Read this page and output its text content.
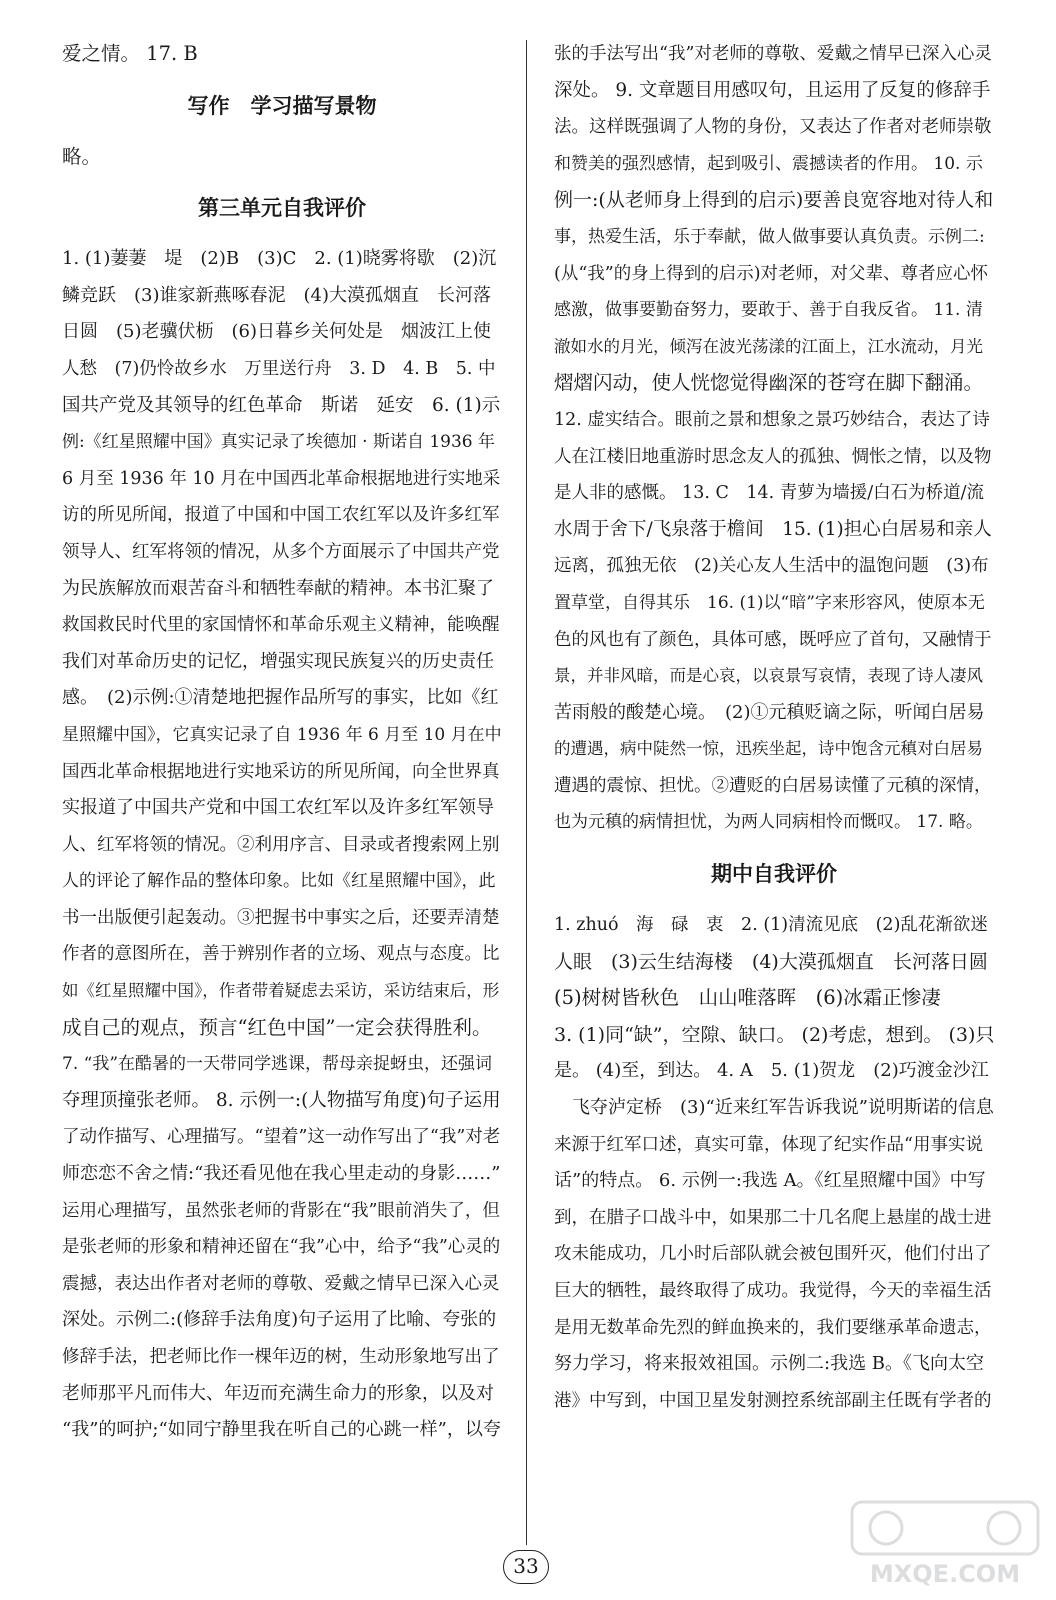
爱之情。 17. B
写作　学习描写景物
略。
第三单元自我评价
1. (1)萋萋　堤　(2)B　(3)C　2. (1)晓雾将歇　(2)沉
鳞竞跃　(3)谁家新燕啄春泥　(4)大漠孤烟直　长河落
日圆　(5)老骥伏枥　(6)日暮乡关何处是　烟波江上使
人愁　(7)仍怜故乡水　万里送行舟　3. D　4. B　5. 中
国共产党及其领导的红色革命　斯诺　延安　6. (1)示
例:《红星照耀中国》真实记录了埃德加 · 斯诺自 1936 年
6 月至 1936 年 10 月在中国西北革命根据地进行实地采
访的所见所闻，报道了中国和中国工农红军以及许多红军
领导人、红军将领的情况，从多个方面展示了中国共产党
为民族解放而艰苦奋斗和牺牲奉献的精神。本书汇聚了
救国救民时代里的家国情怀和革命乐观主义精神，能唤醒
我们对革命历史的记忆，增强实现民族复兴的历史责任
感。　(2)示例:①清楚地把握作品所写的事实，比如《红
星照耀中国》，它真实记录了自 1936 年 6 月至 10 月在中
国西北革命根据地进行实地采访的所见所闻，向全世界真
实报道了中国共产党和中国工农红军以及许多红军领导
人、红军将领的情况。②利用序言、目录或者搜索网上别
人的评论了解作品的整体印象。比如《红星照耀中国》，此
书一出版便引起轰动。③把握书中事实之后，还要弄清楚
作者的意图所在，善于辨别作者的立场、观点与态度。比
如《红星照耀中国》，作者带着疑虑去采访，采访结束后，形
成自己的观点，预言“红色中国”一定会获得胜利。
7. “我”在酷暑的一天带同学逃课，帮母亲捉蚜虫，还强词
夺理顶撞张老师。 8. 示例一:(人物描写角度)句子运用
了动作描写、心理描写。“望着”这一动作写出了“我”对老
师恋恋不舍之情:“我还看见他在我心里走动的身影……”
运用心理描写，虽然张老师的背影在“我”眼前消失了，但
是张老师的形象和精神还留在“我”心中，给予“我”心灵的
震撼，表达出作者对老师的尊敬、爱戴之情早已深入心灵
深处。示例二:(修辞手法角度)句子运用了比喻、夸张的
修辞手法，把老师比作一棵年迈的树，生动形象地写出了
老师那平凡而伟大、年迈而充满生命力的形象，以及对
“我”的呵护;“如同宁静里我在听自己的心跳一样”，以夸
张的手法写出“我”对老师的尊敬、爱戴之情早已深入心灵
深处。 9. 文章题目用感叹句，且运用了反复的修辞手
法。这样既强调了人物的身份，又表达了作者对老师崇敬
和赞美的强烈感情，起到吸引、震撼读者的作用。 10. 示
例一:(从老师身上得到的启示)要善良宽容地对待人和
事，热爱生活，乐于奉献，做人做事要认真负责。示例二:
(从“我”的身上得到的启示)对老师，对父辈、尊者应心怀
感激，做事要勤奋努力，要敢于、善于自我反省。 11. 清
澈如水的月光，倾泻在波光荡漾的江面上，江水流动，月光
熠熠闪动，使人恍惚觉得幽深的苍穹在脚下翻涌。
12. 虚实结合。眼前之景和想象之景巧妙结合，表达了诗
人在江楼旧地重游时思念友人的孤独、惆怅之情，以及物
是人非的感慨。 13. C　14. 青萝为墙援/白石为桥道/流
水周于舍下/飞泉落于檐间　15. (1)担心白居易和亲人
远离，孤独无依　(2)关心友人生活中的温饱问题　(3)布
置草堂，自得其乐　16. (1)以“暗”字来形容风，使原本无
色的风也有了颜色，具体可感，既呼应了首句，又融情于
景，并非风暗，而是心哀，以哀景写哀情，表现了诗人凄风
苦雨般的酸楚心境。　(2)①元稹贬谪之际，听闻白居易
的遭遇，病中陡然一惊，迅疾坐起，诗中饱含元稹对白居易
遭遇的震惊、担忧。②遭贬的白居易读懂了元稹的深情，
也为元稹的病情担忧，为两人同病相怜而慨叹。 17. 略。
期中自我评价
1. zhuó　海　碌　衷　2. (1)清流见底　(2)乱花渐欲迷
人眼　(3)云生结海楼　(4)大漠孤烟直　长河落日圆
(5)树树皆秋色　山山唯落晖　(6)冰霜正惨凄
3. (1)同“缺”，空隙、缺口。 (2)考虑，想到。 (3)只
是。 (4)至，到达。 4. A　5. (1)贺龙　(2)巧渡金沙江
　飞夺泸定桥　(3)“近来红军告诉我说”说明斯诺的信息
来源于红军口述，真实可靠，体现了纪实作品“用事实说
话”的特点。 6. 示例一:我选 A。《红星照耀中国》中写
到，在腊子口战斗中，如果那二十几名爬上悬崖的战士进
攻未能成功，几小时后部队就会被包围歼灭，他们付出了
巨大的牺牲，最终取得了成功。我觉得，今天的幸福生活
是用无数革命先烈的鲜血换来的，我们要继承革命遗志，
努力学习，将来报效祖国。示例二:我选 B。《飞向太空
港》中写到，中国卫星发射测控系统部副主任既有学者的
33	MXQE.COM
